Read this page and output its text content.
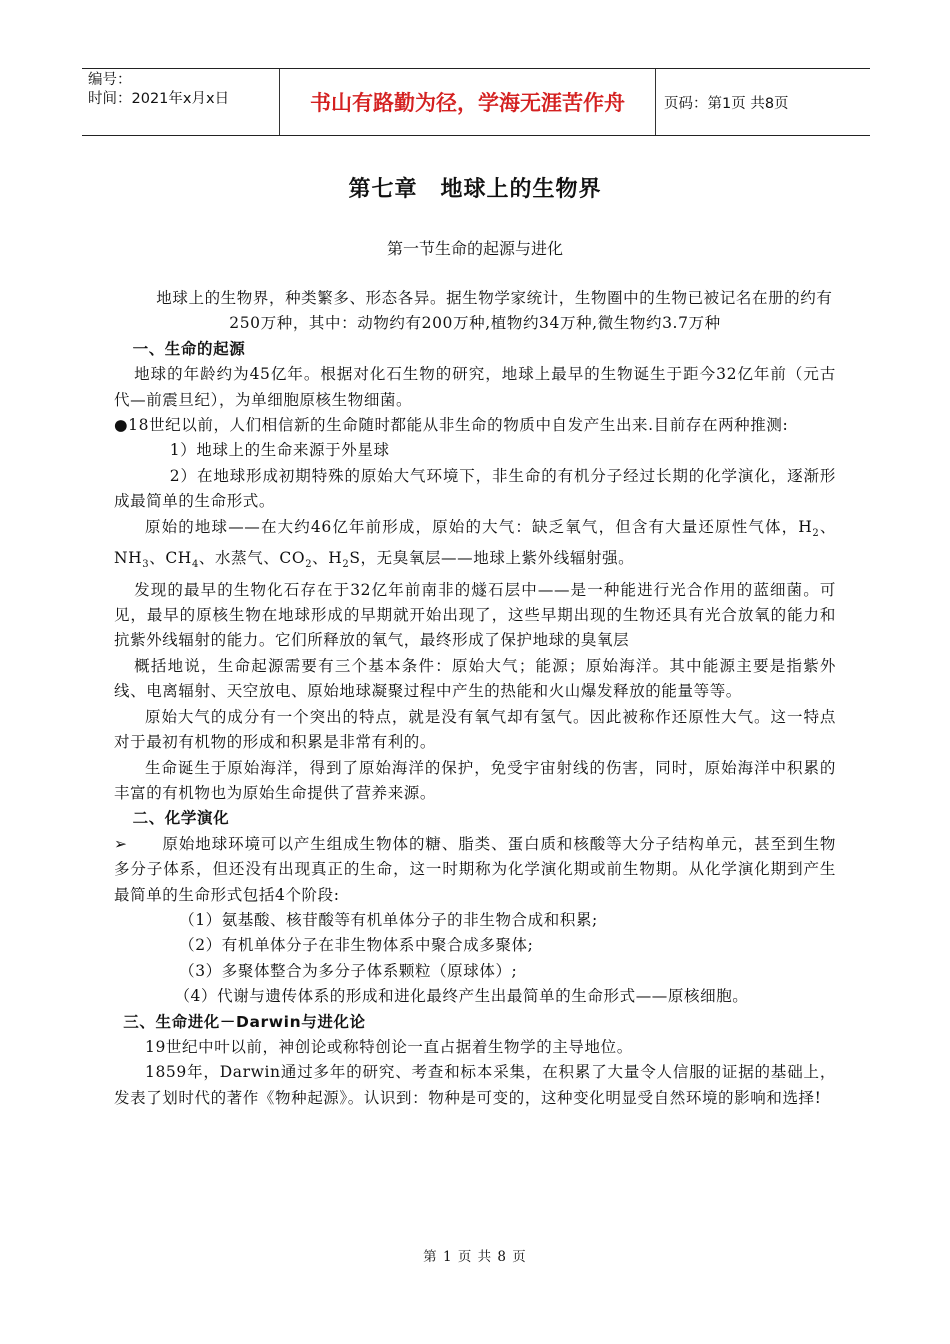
编号：
时间：2021年x月x日	书山有路勤为径，学海无涯苦作舟	页码：第1页 共8页
第七章　地球上的生物界
第一节生命的起源与进化

地球上的生物界，种类繁多、形态各异。据生物学家统计，生物圈中的生物已被记名在册的约有250万种，其中：动物约有200万种,植物约34万种,微生物约3.7万种

一、生命的起源

地球的年龄约为45亿年。根据对化石生物的研究，地球上最早的生物诞生于距今32亿年前（元古代—前震旦纪），为单细胞原核生物细菌。

●18世纪以前，人们相信新的生命随时都能从非生命的物质中自发产生出来.目前存在两种推测:

1）地球上的生命来源于外星球

2）在地球形成初期特殊的原始大气环境下，非生命的有机分子经过长期的化学演化，逐渐形成最简单的生命形式。

原始的地球——在大约46亿年前形成，原始的大气：缺乏氧气，但含有大量还原性气体，$H_2$、$NH_3$、$CH_4$、水蒸气、$CO_2$、$H_2S$，无臭氧层——地球上紫外线辐射强。

发现的最早的生物化石存在于32亿年前南非的燧石层中——是一种能进行光合作用的蓝细菌。可见，最早的原核生物在地球形成的早期就开始出现了，这些早期出现的生物还具有光合放氧的能力和抗紫外线辐射的能力。它们所释放的氧气，最终形成了保护地球的臭氧层

概括地说，生命起源需要有三个基本条件：原始大气；能源；原始海洋。其中能源主要是指紫外线、电离辐射、天空放电、原始地球凝聚过程中产生的热能和火山爆发释放的能量等等。

原始大气的成分有一个突出的特点，就是没有氧气却有氢气。因此被称作还原性大气。这一特点对于最初有机物的形成和积累是非常有利的。

生命诞生于原始海洋，得到了原始海洋的保护，免受宇宙射线的伤害，同时，原始海洋中积累的丰富的有机物也为原始生命提供了营养来源。

二、化学演化

➢ 原始地球环境可以产生组成生物体的糖、脂类、蛋白质和核酸等大分子结构单元，甚至到生物多分子体系，但还没有出现真正的生命，这一时期称为化学演化期或前生物期。从化学演化期到产生最简单的生命形式包括4个阶段:

（1）氨基酸、核苷酸等有机单体分子的非生物合成和积累;

（2）有机单体分子在非生物体系中聚合成多聚体;

（3）多聚体整合为多分子体系颗粒（原球体）;

（4）代谢与遗传体系的形成和进化最终产生出最简单的生命形式——原核细胞。

三、生命进化－Darwin与进化论

19世纪中叶以前，神创论或称特创论一直占据着生物学的主导地位。

1859年，Darwin通过多年的研究、考查和标本采集，在积累了大量令人信服的证据的基础上，发表了划时代的著作《物种起源》。认识到：物种是可变的，这种变化明显受自然环境的影响和选择!

第 1 页 共 8 页
